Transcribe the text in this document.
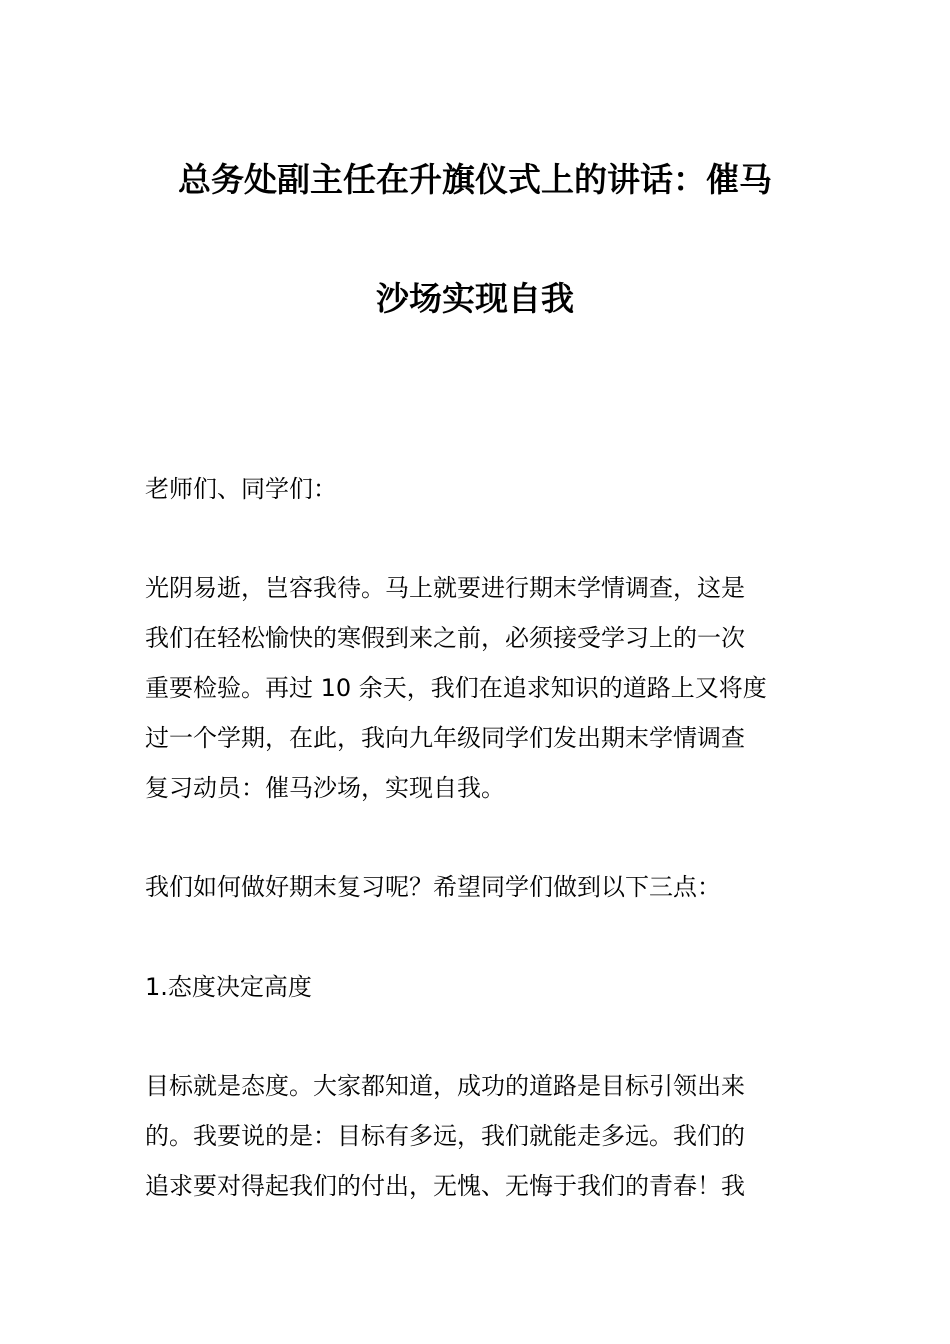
总务处副主任在升旗仪式上的讲话：催马
沙场实现自我

老师们、同学们：

光阴易逝，岂容我待。马上就要进行期末学情调查，这是
我们在轻松愉快的寒假到来之前，必须接受学习上的一次
重要检验。再过 10 余天，我们在追求知识的道路上又将度
过一个学期，在此，我向九年级同学们发出期末学情调查
复习动员：催马沙场，实现自我。

我们如何做好期末复习呢？希望同学们做到以下三点：

1.态度决定高度

目标就是态度。大家都知道，成功的道路是目标引领出来
的。我要说的是：目标有多远，我们就能走多远。我们的
追求要对得起我们的付出，无愧、无悔于我们的青春！我
